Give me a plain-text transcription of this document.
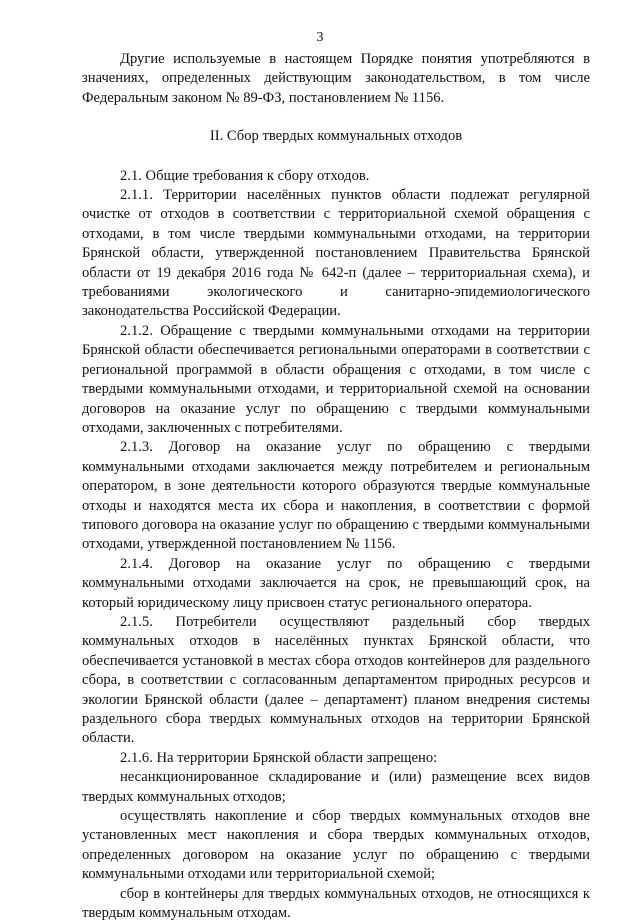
3

Другие используемые в настоящем Порядке понятия употребляются в значениях, определенных действующим законодательством, в том числе Федеральным законом № 89-ФЗ, постановлением № 1156.

II. Сбор твердых коммунальных отходов

2.1. Общие требования к сбору отходов.

2.1.1. Территории населённых пунктов области подлежат регулярной очистке от отходов в соответствии с территориальной схемой обращения с отходами, в том числе твердыми коммунальными отходами, на территории Брянской области, утвержденной постановлением Правительства Брянской области от 19 декабря 2016 года № 642-п (далее – территориальная схема), и требованиями экологического и санитарно-эпидемиологического законодательства Российской Федерации.

2.1.2. Обращение с твердыми коммунальными отходами на территории Брянской области обеспечивается региональными операторами в соответствии с региональной программой в области обращения с отходами, в том числе с твердыми коммунальными отходами, и территориальной схемой на основании договоров на оказание услуг по обращению с твердыми коммунальными отходами, заключенных с потребителями.

2.1.3. Договор на оказание услуг по обращению с твердыми коммунальными отходами заключается между потребителем и региональным оператором, в зоне деятельности которого образуются твердые коммунальные отходы и находятся места их сбора и накопления, в соответствии с формой типового договора на оказание услуг по обращению с твердыми коммунальными отходами, утвержденной постановлением № 1156.

2.1.4. Договор на оказание услуг по обращению с твердыми коммунальными отходами заключается на срок, не превышающий срок, на который юридическому лицу присвоен статус регионального оператора.

2.1.5. Потребители осуществляют раздельный сбор твердых коммунальных отходов в населённых пунктах Брянской области, что обеспечивается установкой в местах сбора отходов контейнеров для раздельного сбора, в соответствии с согласованным департаментом природных ресурсов и экологии Брянской области (далее – департамент) планом внедрения системы раздельного сбора твердых коммунальных отходов на территории Брянской области.

2.1.6. На территории Брянской области запрещено:

несанкционированное складирование и (или) размещение всех видов твердых коммунальных отходов;

осуществлять накопление и сбор твердых коммунальных отходов вне установленных мест накопления и сбора твердых коммунальных отходов, определенных договором на оказание услуг по обращению с твердыми коммунальными отходами или территориальной схемой;

сбор в контейнеры для твердых коммунальных отходов, не относящихся к твердым коммунальным отходам.
